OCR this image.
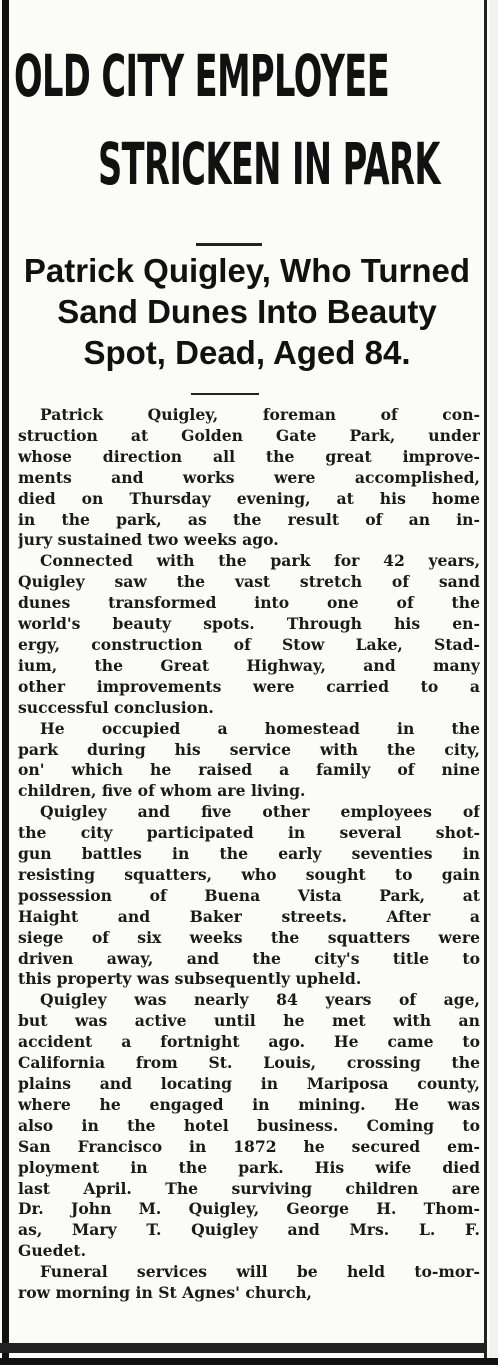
OLD CITY EMPLOYEE
STRICKEN IN PARK
Patrick Quigley, Who Turned
Sand Dunes Into Beauty
Spot, Dead, Aged 84.
Patrick Quigley, foreman of con-
struction at Golden Gate Park, under
whose direction all the great improve-
ments and works were accomplished,
died on Thursday evening, at his home
in the park, as the result of an in-
jury sustained two weeks ago.
Connected with the park for 42 years,
Quigley saw the vast stretch of sand
dunes transformed into one of the
world's beauty spots. Through his en-
ergy, construction of Stow Lake, Stad-
ium, the Great Highway, and many
other improvements were carried to a
successful conclusion.
He occupied a homestead in the
park during his service with the city,
on' which he raised a family of nine
children, five of whom are living.
Quigley and five other employees of
the city participated in several shot-
gun battles in the early seventies in
resisting squatters, who sought to gain
possession of Buena Vista Park, at
Haight and Baker streets. After a
siege of six weeks the squatters were
driven away, and the city's title to
this property was subsequently upheld.
Quigley was nearly 84 years of age,
but was active until he met with an
accident a fortnight ago. He came to
California from St. Louis, crossing the
plains and locating in Mariposa county,
where he engaged in mining. He was
also in the hotel business. Coming to
San Francisco in 1872 he secured em-
ployment in the park. His wife died
last April. The surviving children are
Dr. John M. Quigley, George H. Thom-
as, Mary T. Quigley and Mrs. L. F.
Guedet.
Funeral services will be held to-mor-
row morning in St Agnes' church,
